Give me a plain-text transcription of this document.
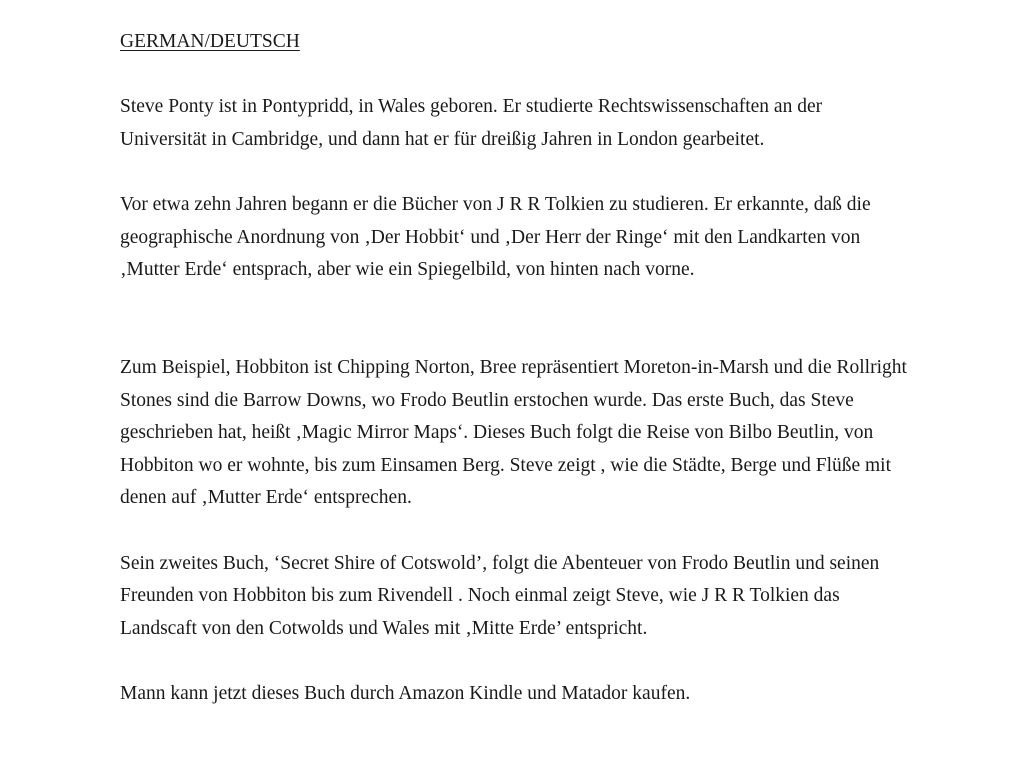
GERMAN/DEUTSCH

Steve Ponty ist in Pontypridd, in Wales geboren. Er studierte Rechtswissenschaften an der Universität in Cambridge, und dann hat er für dreißig Jahren in London gearbeitet.

Vor etwa zehn Jahren begann er die Bücher von J R R Tolkien zu studieren. Er erkannte, daß die geographische Anordnung von ‚Der Hobbit‘ und ‚Der Herr der Ringe‘ mit den Landkarten von ‚Mutter Erde‘ entsprach, aber wie ein Spiegelbild, von hinten nach vorne.

Zum Beispiel, Hobbiton ist Chipping Norton, Bree repräsentiert Moreton-in-Marsh und die Rollright Stones sind die Barrow Downs, wo Frodo Beutlin erstochen wurde. Das erste Buch, das Steve geschrieben hat, heißt ‚Magic Mirror Maps‘. Dieses Buch folgt die Reise von Bilbo Beutlin, von Hobbiton wo er wohnte, bis zum Einsamen Berg. Steve zeigt , wie die Städte, Berge und Flüße mit denen auf ‚Mutter Erde‘ entsprechen.

Sein zweites Buch, ‘Secret Shire of Cotswold’, folgt die Abenteuer von Frodo Beutlin und seinen Freunden von Hobbiton bis zum Rivendell . Noch einmal zeigt Steve, wie J R R Tolkien das Landscaft von den Cotwolds und Wales mit ‚Mitte Erde’ entspricht.

Mann kann jetzt dieses Buch durch Amazon Kindle und Matador kaufen.
